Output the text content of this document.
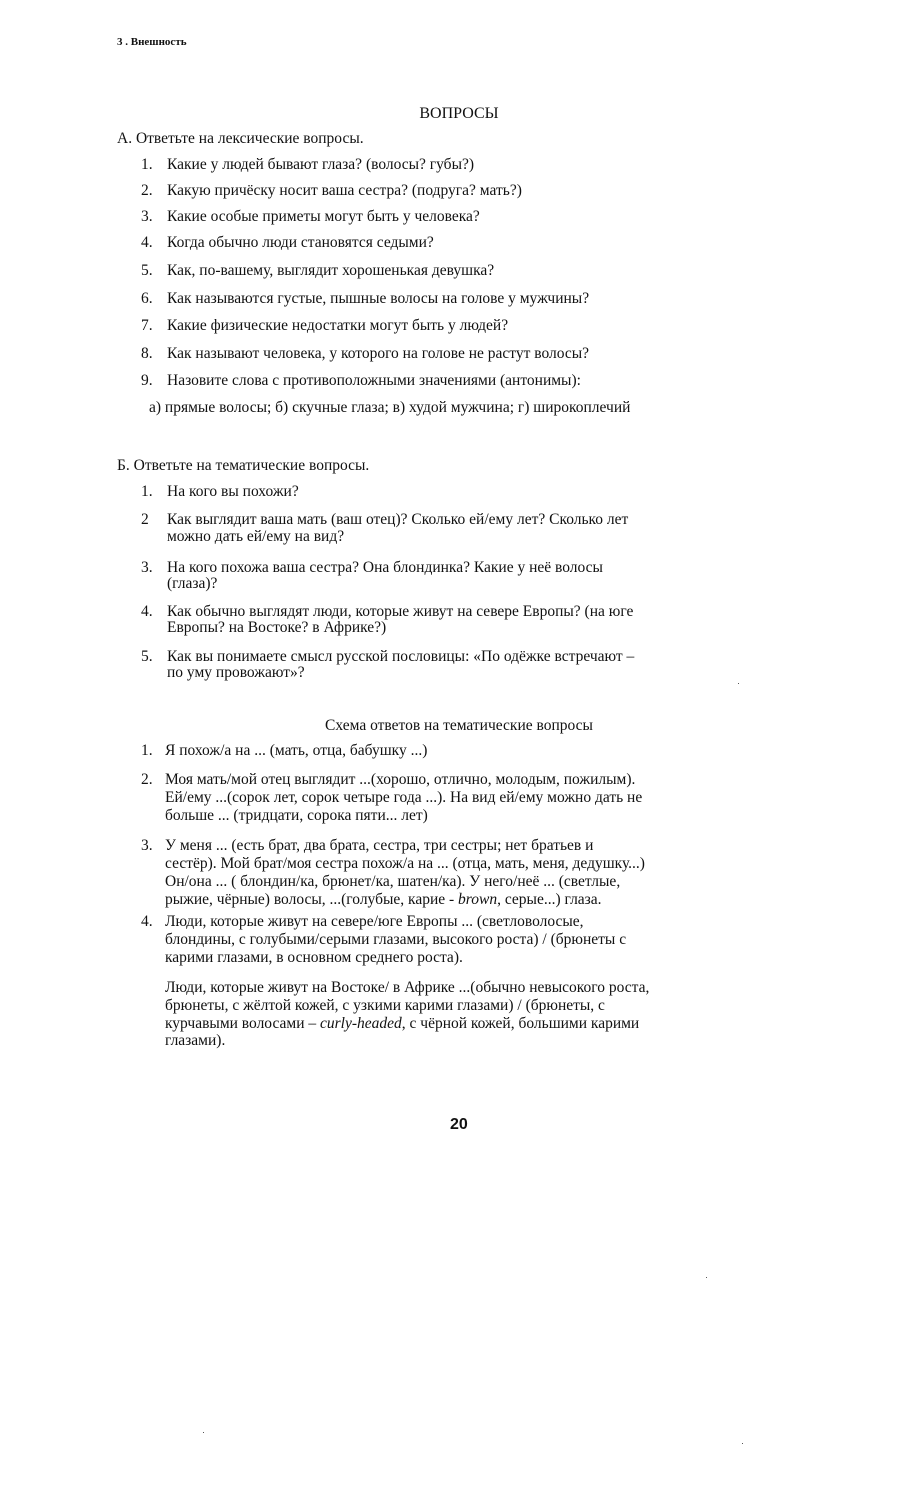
3 . Внешность
ВОПРОСЫ
А. Ответьте на лексические вопросы.
1. Какие у людей бывают глаза? (волосы? губы?)
2. Какую причёску носит ваша сестра? (подруга? мать?)
3. Какие особые приметы могут быть у человека?
4. Когда обычно люди становятся седыми?
5. Как, по-вашему, выглядит хорошенькая девушка?
6. Как называются густые, пышные волосы на голове у мужчины?
7. Какие физические недостатки могут быть у людей?
8. Как называют человека, у которого на голове не растут волосы?
9. Назовите слова с противоположными значениями (антонимы):
а) прямые волосы; б) скучные глаза; в) худой мужчина; г) широкоплечий
Б. Ответьте на тематические вопросы.
1. На кого вы похожи?
2 Как выглядит ваша мать (ваш отец)? Сколько ей/ему лет? Сколько лет
можно дать ей/ему на вид?
3. На кого похожа ваша сестра? Она блондинка? Какие у неё волосы
(глаза)?
4. Как обычно выглядят люди, которые живут на севере Европы? (на юге
Европы? на Востоке? в Африке?)
5. Как вы понимаете смысл русской пословицы: «По одёжке встречают –
по уму провожают»?
Схема ответов на тематические вопросы
1. Я похож/а на ... (мать, отца, бабушку ...)
2. Моя мать/мой отец выглядит ...(хорошо, отлично, молодым, пожилым).
Ей/ему ...(сорок лет, сорок четыре года ...). На вид ей/ему можно дать не
больше ... (тридцати, сорока пяти... лет)
3. У меня ... (есть брат, два брата, сестра, три сестры; нет братьев и
сестёр). Мой брат/моя сестра похож/а на ... (отца, мать, меня, дедушку...)
Он/она ... ( блондин/ка, брюнет/ка, шатен/ка). У него/неё ... (светлые,
рыжие, чёрные) волосы, ...(голубые, карие - brown, серые...) глаза.
4. Люди, которые живут на севере/юге Европы ... (светловолосые,
блондины, с голубыми/серыми глазами, высокого роста) / (брюнеты с
карими глазами, в основном среднего роста).
Люди, которые живут на Востоке/ в Африке ...(обычно невысокого роста,
брюнеты, с жёлтой кожей, с узкими карими глазами) / (брюнеты, с
курчавыми волосами – curly-headed, с чёрной кожей, большими карими
глазами).
20
